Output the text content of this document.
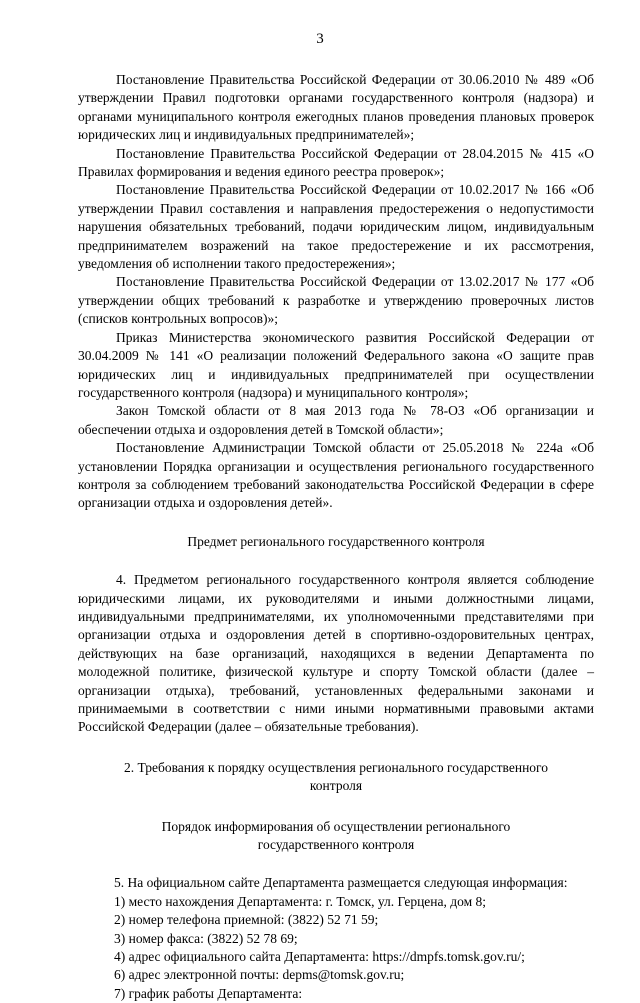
3
Постановление Правительства Российской Федерации от 30.06.2010 № 489 «Об утверждении Правил подготовки органами государственного контроля (надзора) и органами муниципального контроля ежегодных планов проведения плановых проверок юридических лиц и индивидуальных предпринимателей»;
Постановление Правительства Российской Федерации от 28.04.2015 № 415 «О Правилах формирования и ведения единого реестра проверок»;
Постановление Правительства Российской Федерации от 10.02.2017 № 166 «Об утверждении Правил составления и направления предостережения о недопустимости нарушения обязательных требований, подачи юридическим лицом, индивидуальным предпринимателем возражений на такое предостережение и их рассмотрения, уведомления об исполнении такого предостережения»;
Постановление Правительства Российской Федерации от 13.02.2017 № 177 «Об утверждении общих требований к разработке и утверждению проверочных листов (списков контрольных вопросов)»;
Приказ Министерства экономического развития Российской Федерации от 30.04.2009 № 141 «О реализации положений Федерального закона «О защите прав юридических лиц и индивидуальных предпринимателей при осуществлении государственного контроля (надзора) и муниципального контроля»;
Закон Томской области от 8 мая 2013 года № 78-ОЗ «Об организации и обеспечении отдыха и оздоровления детей в Томской области»;
Постановление Администрации Томской области от 25.05.2018 № 224а «Об установлении Порядка организации и осуществления регионального государственного контроля за соблюдением требований законодательства Российской Федерации в сфере организации отдыха и оздоровления детей».
Предмет регионального государственного контроля
4. Предметом регионального государственного контроля является соблюдение юридическими лицами, их руководителями и иными должностными лицами, индивидуальными предпринимателями, их уполномоченными представителями при организации отдыха и оздоровления детей в спортивно-оздоровительных центрах, действующих на базе организаций, находящихся в ведении Департамента по молодежной политике, физической культуре и спорту Томской области (далее – организации отдыха), требований, установленных федеральными законами и принимаемыми в соответствии с ними иными нормативными правовыми актами Российской Федерации (далее – обязательные требования).
2. Требования к порядку осуществления регионального государственного контроля
Порядок информирования об осуществлении регионального государственного контроля
5. На официальном сайте Департамента размещается следующая информация:
1) место нахождения Департамента: г. Томск, ул. Герцена, дом 8;
2) номер телефона приемной: (3822) 52 71 59;
3) номер факса: (3822) 52 78 69;
4) адрес официального сайта Департамента: https://dmpfs.tomsk.gov.ru/;
6) адрес электронной почты: depms@tomsk.gov.ru;
7) график работы Департамента:
